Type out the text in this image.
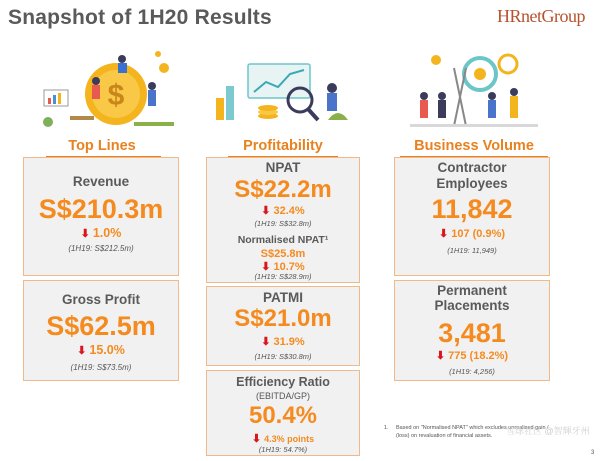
Snapshot of 1H20 Results	HRnetGroup
$
Top Lines	Profitability	Business Volume
Revenue
S$210.3m
⬇ 1.0%
(1H19: S$212.5m)
Gross Profit
S$62.5m
⬇ 15.0%
(1H19: S$73.5m)
NPAT
S$22.2m
⬇ 32.4%
(1H19: S$32.8m)
Normalised NPAT¹
S$25.8m
⬇ 10.7%
(1H19: S$28.9m)
PATMI
S$21.0m
⬇ 31.9%
(1H19: S$30.8m)
Efficiency Ratio
(EBITDA/GP)
50.4%
⬇ 4.3% points
(1H19: 54.7%)
Contractor
Employees
11,842
⬇ 107 (0.9%)
(1H19: 11,949)
Permanent
Placements
3,481
⬇ 775 (18.2%)
(1H19: 4,256)
1. Based on "Normalised NPAT" which excludes unrealised gain / (loss) on revaluation of financial assets.	雪球社区 @智輝牙州
3
